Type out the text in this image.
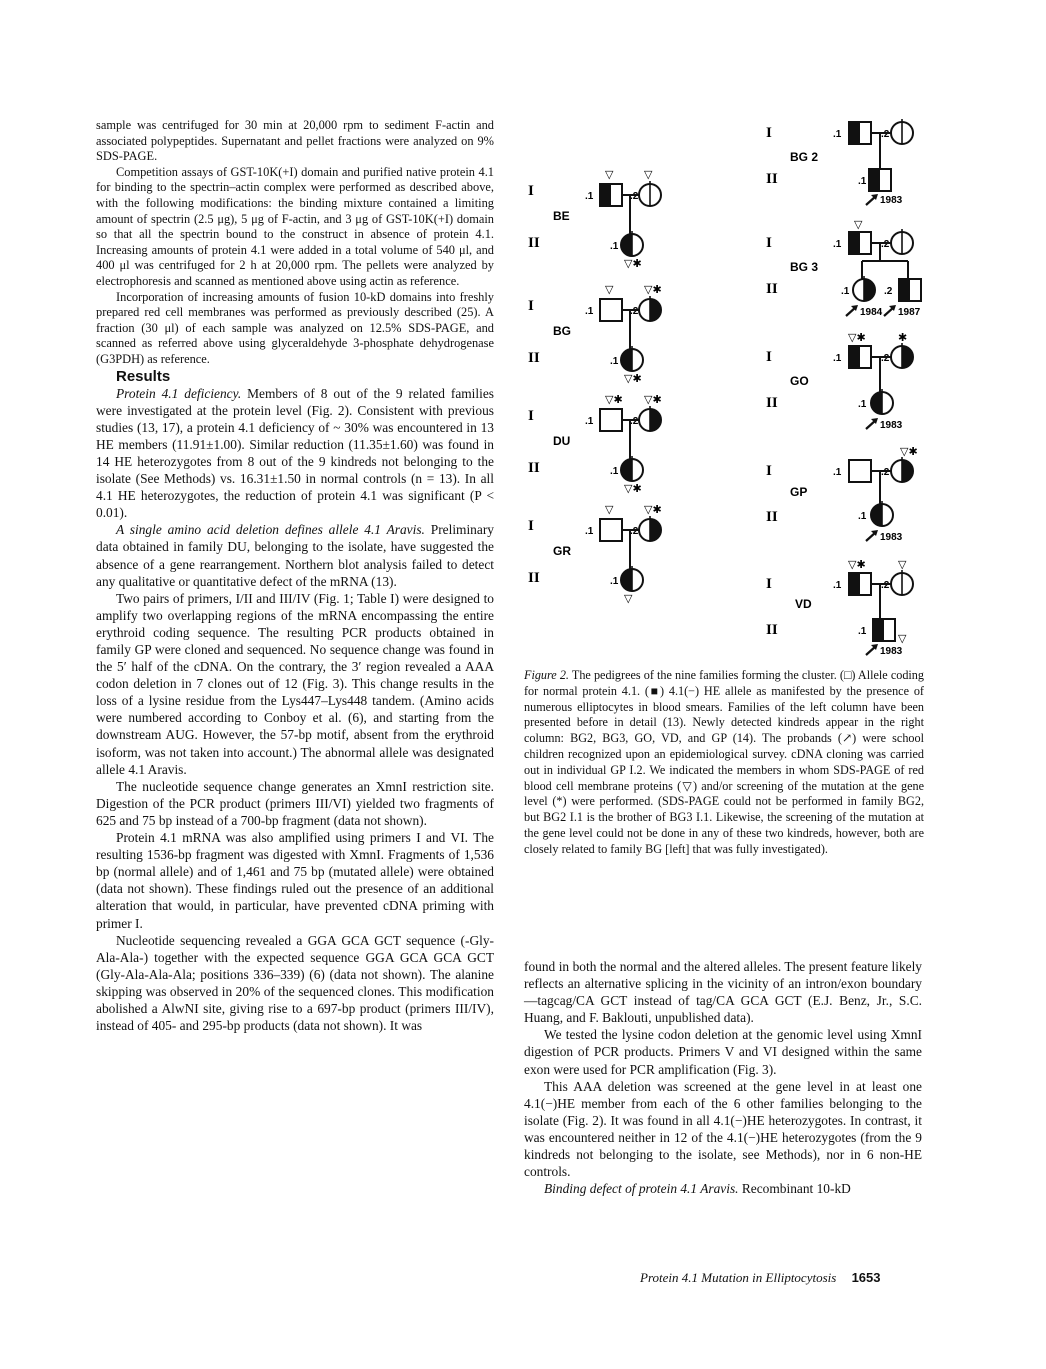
sample was centrifuged for 30 min at 20,000 rpm to sediment F-actin and associated polypeptides. Supernatant and pellet fractions were analyzed on 9% SDS-PAGE.

Competition assays of GST-10K(+I) domain and purified native protein 4.1 for binding to the spectrin–actin complex were performed as described above, with the following modifications: the binding mixture contained a limiting amount of spectrin (2.5 μg), 5 μg of F-actin, and 3 μg of GST-10K(+I) domain so that all the spectrin bound to the construct in absence of protein 4.1. Increasing amounts of protein 4.1 were added in a total volume of 540 μl, and 400 μl was centrifuged for 2 h at 20,000 rpm. The pellets were analyzed by electrophoresis and scanned as mentioned above using actin as reference.

Incorporation of increasing amounts of fusion 10-kD domains into freshly prepared red cell membranes was performed as previously described (25). A fraction (30 μl) of each sample was analyzed on 12.5% SDS-PAGE, and scanned as referred above using glyceraldehyde 3-phosphate dehydrogenase (G3PDH) as reference.

Results

Protein 4.1 deficiency. Members of 8 out of the 9 related families were investigated at the protein level (Fig. 2). Consistent with previous studies (13, 17), a protein 4.1 deficiency of ~ 30% was encountered in 13 HE members (11.91±1.00). Similar reduction (11.35±1.60) was found in 14 HE heterozygotes from 8 out of the 9 kindreds not belonging to the isolate (See Methods) vs. 16.31±1.50 in normal controls (n = 13). In all 4.1 HE heterozygotes, the reduction of protein 4.1 was significant (P < 0.01).

A single amino acid deletion defines allele 4.1 Aravis. Preliminary data obtained in family DU, belonging to the isolate, have suggested the absence of a gene rearrangement. Northern blot analysis failed to detect any qualitative or quantitative defect of the mRNA (13).

Two pairs of primers, I/II and III/IV (Fig. 1; Table I) were designed to amplify two overlapping regions of the mRNA encompassing the entire erythroid coding sequence. The resulting PCR products obtained in family GP were cloned and sequenced. No sequence change was found in the 5′ half of the cDNA. On the contrary, the 3′ region revealed a AAA codon deletion in 7 clones out of 12 (Fig. 3). This change results in the loss of a lysine residue from the Lys447–Lys448 tandem. (Amino acids were numbered according to Conboy et al. (6), and starting from the downstream AUG. However, the 57-bp motif, absent from the erythroid isoform, was not taken into account.) The abnormal allele was designated allele 4.1 Aravis.

The nucleotide sequence change generates an XmnI restriction site. Digestion of the PCR product (primers III/VI) yielded two fragments of 625 and 75 bp instead of a 700-bp fragment (data not shown).

Protein 4.1 mRNA was also amplified using primers I and VI. The resulting 1536-bp fragment was digested with XmnI. Fragments of 1,536 bp (normal allele) and of 1,461 and 75 bp (mutated allele) were obtained (data not shown). These findings ruled out the presence of an additional alteration that would, in particular, have prevented cDNA priming with primer I.

Nucleotide sequencing revealed a GGA GCA GCT sequence (-Gly-Ala-Ala-) together with the expected sequence GGA GCA GCA GCT (Gly-Ala-Ala-Ala; positions 336–339) (6) (data not shown). The alanine skipping was observed in 20% of the sequenced clones. This modification abolished a AlwNI site, giving rise to a 697-bp product (primers III/IV), instead of 405- and 295-bp products (data not shown). It was

found in both the normal and the altered alleles. The present feature likely reflects an alternative splicing in the vicinity of an intron/exon boundary—tagcag/CA GCT instead of tag/CA GCA GCT (E.J. Benz, Jr., S.C. Huang, and F. Baklouti, unpublished data).

We tested the lysine codon deletion at the genomic level using XmnI digestion of PCR products. Primers V and VI designed within the same exon were used for PCR amplification (Fig. 3).

This AAA deletion was screened at the gene level in at least one 4.1(−)HE member from each of the 6 other families belonging to the isolate (Fig. 2). It was found in all 4.1(−)HE heterozygotes. In contrast, it was encountered neither in 12 of the 4.1(−)HE heterozygotes (from the 9 kindreds not belonging to the isolate, see Methods), nor in 6 non-HE controls.

Binding defect of protein 4.1 Aravis. Recombinant 10-kD

Figure 2. The pedigrees of the nine families forming the cluster. (□) Allele coding for normal protein 4.1. (■) 4.1(−) HE allele as manifested by the presence of numerous elliptocytes in blood smears. Families of the left column have been presented before in detail (13). Newly detected kindreds appear in the right column: BG2, BG3, GO, VD, and GP (14). The probands (↗) were school children recognized upon an epidemiological survey. cDNA cloning was carried out in individual GP I.2. We indicated the members in whom SDS-PAGE of red blood cell membrane proteins (▽) and/or screening of the mutation at the gene level (*) were performed. (SDS-PAGE could not be performed in family BG2, but BG2 I.1 is the brother of BG3 I.1. Likewise, the screening of the mutation at the gene level could not be done in any of these two kindreds, however, both are closely related to family BG [left] that was fully investigated).

Protein 4.1 Mutation in Elliptocytosis 1653
I
II
BE
.1	.2
.1
▽	▽
▽✱
I
II
BG
.1	.2
.1
▽	▽✱
▽✱
I
II
DU
.1	.2
.1
▽✱ ▽✱
▽✱
I
II
GR
.1	.2
.1
▽	▽✱
▽
I
II
BG 2
.1	.2
.1
1983
I
II
BG 3
.1	.2
.1	.2
▽
1984 1987
I
II
GO
.1	.2
.1
▽✱	✱
1983
I
II
GP
.1	.2
.1
▽✱
1983
I
II
VD
.1	.2
.1
▽✱	▽
▽
1983
